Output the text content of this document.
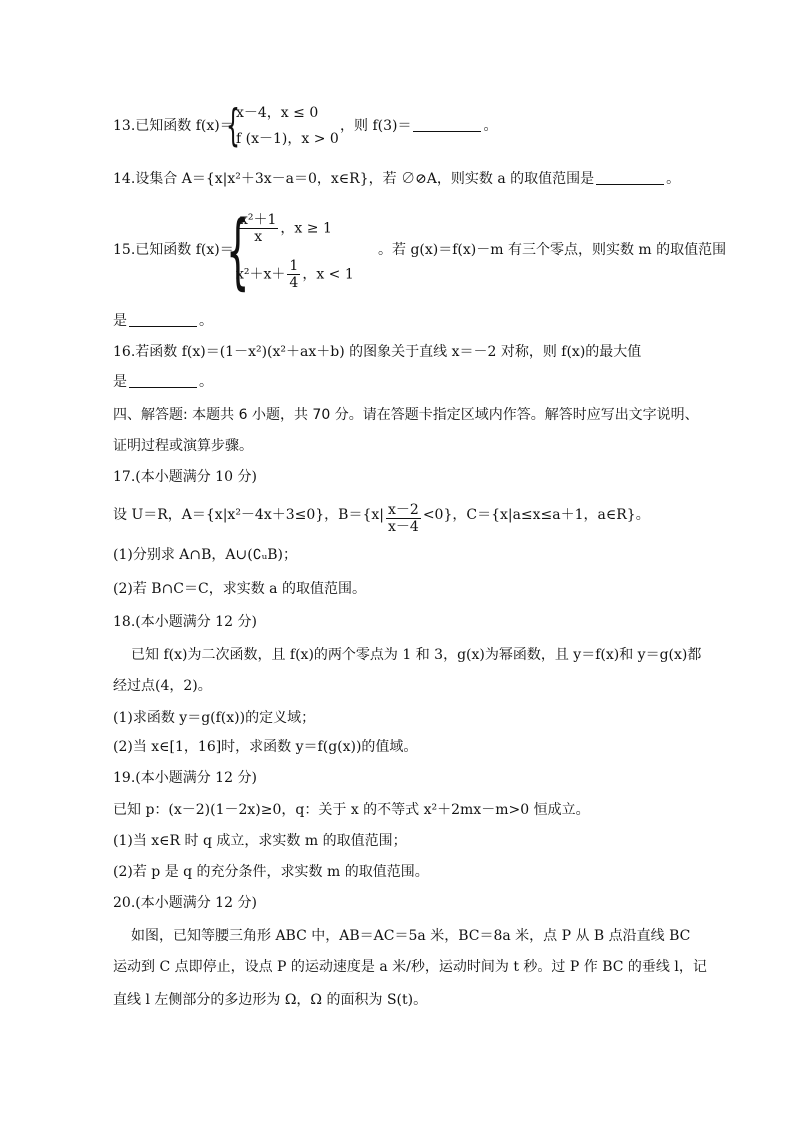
13.已知函数 f(x)＝
{
x－4，x ≤ 0
f (x－1)，x > 0
，则 f(3)＝	。
14.设集合 A＝{x|x²＋3x－a＝0，x∈R}，若 ∅⊘A，则实数 a 的取值范围是	。
15.已知函数 f(x)＝
{
$\frac{\text{x²＋1}}{x}$ ，x ≥ 1
$x^2+x+ \frac{1}{4}$ ，x < 1
。若 g(x)＝f(x)－m 有三个零点，则实数 m 的取值范围
是	。
16.若函数 f(x)＝(1－x²)(x²＋ax＋b) 的图象关于直线 x＝－2 对称，则 f(x)的最大值
是	。
四、解答题: 本题共 6 小题，共 70 分。请在答题卡指定区域内作答。解答时应写出文字说明、
证明过程或演算步骤。
17.(本小题满分 10 分)
设 U＝R，A＝{x|x²－4x＋3≤0}，$B=\{x| \frac{x-2}{x-4} <0\}$，C＝{x|a≤x≤a＋1，a∈R}。
(1)分别求 A∩B，A∪(∁ᵤB)；
(2)若 B∩C＝C，求实数 a 的取值范围。
18.(本小题满分 12 分)
已知 f(x)为二次函数，且 f(x)的两个零点为 1 和 3，g(x)为幂函数，且 y＝f(x)和 y＝g(x)都
经过点(4，2)。
(1)求函数 y＝g(f(x))的定义域；
(2)当 x∈[1，16]时，求函数 y＝f(g(x))的值域。
19.(本小题满分 12 分)
已知 p：(x－2)(1－2x)≥0，q：关于 x 的不等式 x²＋2mx－m>0 恒成立。
(1)当 x∈R 时 q 成立，求实数 m 的取值范围；
(2)若 p 是 q 的充分条件，求实数 m 的取值范围。
20.(本小题满分 12 分)
如图，已知等腰三角形 ABC 中，AB＝AC＝5a 米，BC＝8a 米，点 P 从 B 点沿直线 BC
运动到 C 点即停止，设点 P 的运动速度是 a 米/秒，运动时间为 t 秒。过 P 作 BC 的垂线 l，记
直线 l 左侧部分的多边形为 Ω，Ω 的面积为 S(t)。
